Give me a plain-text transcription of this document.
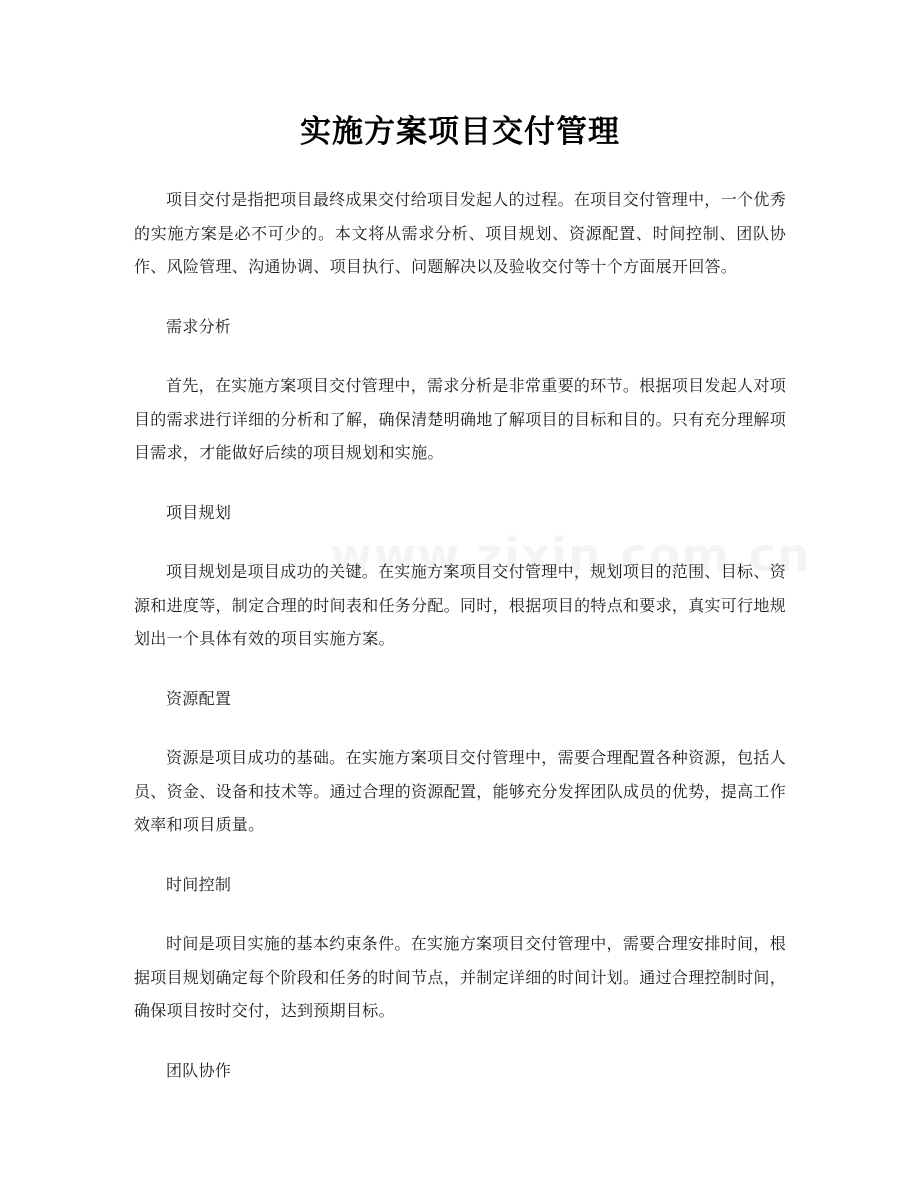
实施方案项目交付管理

项目交付是指把项目最终成果交付给项目发起人的过程。在项目交付管理中，一个优秀的实施方案是必不可少的。本文将从需求分析、项目规划、资源配置、时间控制、团队协作、风险管理、沟通协调、项目执行、问题解决以及验收交付等十个方面展开回答。

需求分析

首先，在实施方案项目交付管理中，需求分析是非常重要的环节。根据项目发起人对项目的需求进行详细的分析和了解，确保清楚明确地了解项目的目标和目的。只有充分理解项目需求，才能做好后续的项目规划和实施。

项目规划

项目规划是项目成功的关键。在实施方案项目交付管理中，规划项目的范围、目标、资源和进度等，制定合理的时间表和任务分配。同时，根据项目的特点和要求，真实可行地规划出一个具体有效的项目实施方案。

资源配置

资源是项目成功的基础。在实施方案项目交付管理中，需要合理配置各种资源，包括人员、资金、设备和技术等。通过合理的资源配置，能够充分发挥团队成员的优势，提高工作效率和项目质量。

时间控制

时间是项目实施的基本约束条件。在实施方案项目交付管理中，需要合理安排时间，根据项目规划确定每个阶段和任务的时间节点，并制定详细的时间计划。通过合理控制时间，确保项目按时交付，达到预期目标。

团队协作
